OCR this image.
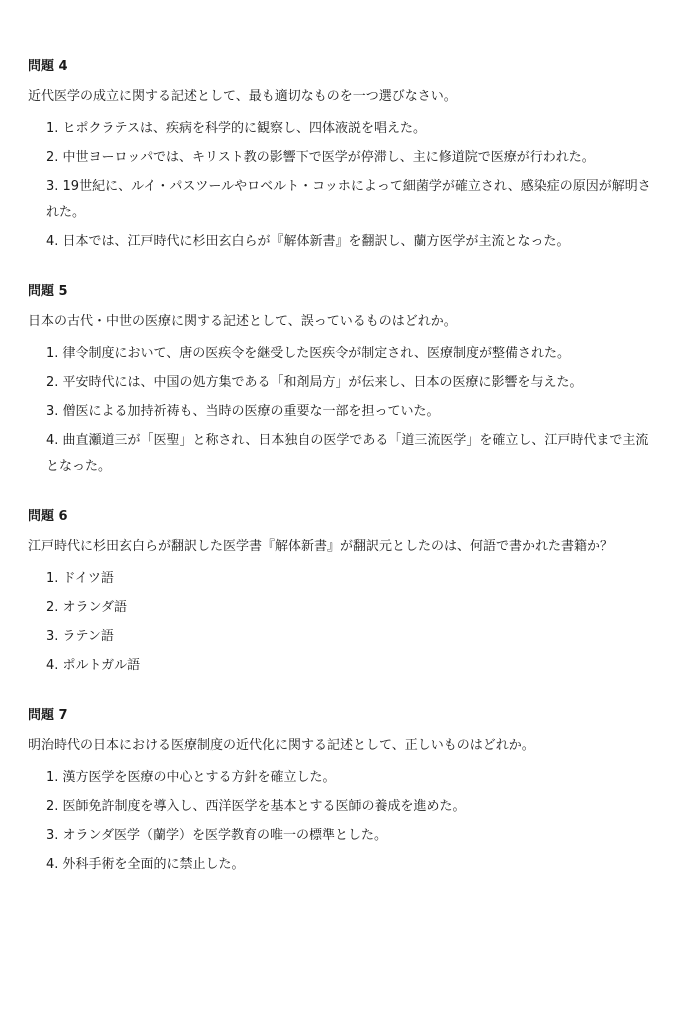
問題 4

近代医学の成立に関する記述として、最も適切なものを一つ選びなさい。

1. ヒポクラテスは、疾病を科学的に観察し、四体液説を唱えた。
2. 中世ヨーロッパでは、キリスト教の影響下で医学が停滞し、主に修道院で医療が行われた。
3. 19世紀に、ルイ・パスツールやロベルト・コッホによって細菌学が確立され、感染症の原因が解明された。
4. 日本では、江戸時代に杉田玄白らが『解体新書』を翻訳し、蘭方医学が主流となった。
問題 5

日本の古代・中世の医療に関する記述として、誤っているものはどれか。

1. 律令制度において、唐の医疾令を継受した医疾令が制定され、医療制度が整備された。
2. 平安時代には、中国の処方集である「和剤局方」が伝来し、日本の医療に影響を与えた。
3. 僧医による加持祈祷も、当時の医療の重要な一部を担っていた。
4. 曲直瀬道三が「医聖」と称され、日本独自の医学である「道三流医学」を確立し、江戸時代まで主流となった。
問題 6

江戸時代に杉田玄白らが翻訳した医学書『解体新書』が翻訳元としたのは、何語で書かれた書籍か？

1. ドイツ語
2. オランダ語
3. ラテン語
4. ポルトガル語
問題 7

明治時代の日本における医療制度の近代化に関する記述として、正しいものはどれか。

1. 漢方医学を医療の中心とする方針を確立した。
2. 医師免許制度を導入し、西洋医学を基本とする医師の養成を進めた。
3. オランダ医学（蘭学）を医学教育の唯一の標準とした。
4. 外科手術を全面的に禁止した。
